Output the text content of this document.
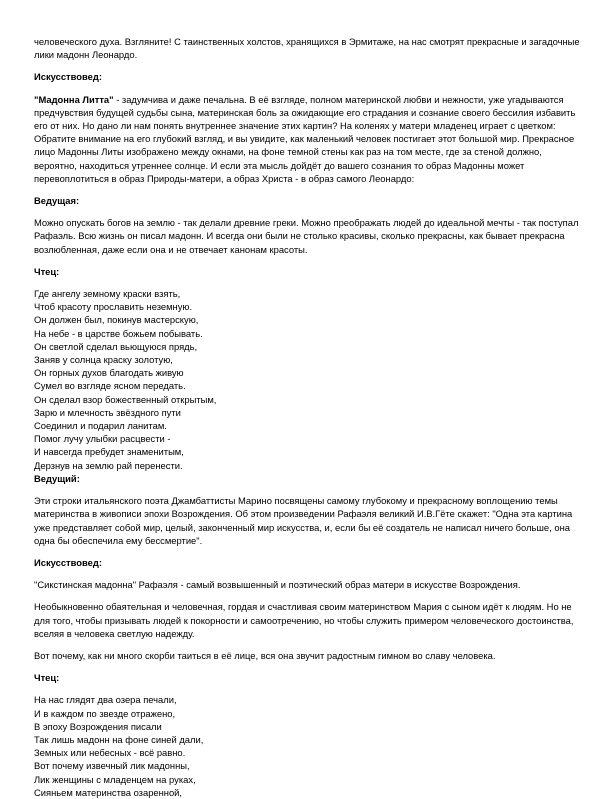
человеческого духа. Взгляните! С таинственных холстов, хранящихся в Эрмитаже, на нас смотрят прекрасные и загадочные лики мадонн Леонардо.

Искусствовед:

"Мадонна Литта" - задумчива и даже печальна. В её взгляде, полном материнской любви и нежности, уже угадываются предчувствия будущей судьбы сына, материнская боль за ожидающие его страдания и сознание своего бессилия избавить его от них. Но дано ли нам понять внутреннее значение этих картин? На коленях у матери младенец играет с цветком: Обратите внимание на его глубокий взгляд, и вы увидите, как маленький человек постигает этот большой мир. Прекрасное лицо Мадонны Литы изображено между окнами, на фоне темной стены как раз на том месте, где за стеной должно, вероятно, находиться утреннее солнце. И если эта мысль дойдёт до вашего сознания то образ Мадонны может перевоплотиться в образ Природы-матери, а образ Христа - в образ самого Леонардо:

Ведущая:

Можно опускать богов на землю - так делали древние греки. Можно преображать людей до идеальной мечты - так поступал Рафаэль. Всю жизнь он писал мадонн. И всегда они были не столько красивы, сколько прекрасны, как бывает прекрасна возлюбленная, даже если она и не отвечает канонам красоты.

Чтец:

Где ангелу земному краски взять,

Чтоб красоту прославить неземную.

Он должен был, покинув мастерскую,

На небе - в царстве божьем побывать.

Он светлой сделал вьющуюся прядь,

Заняв у солнца краску золотую,

Он горных духов благодать живую

Сумел во взгляде ясном передать.

Он сделал взор божественный открытым,

Зарю и млечность звёздного пути

Соединил и подарил ланитам.

Помог лучу улыбки расцвести -

И навсегда пребудет знаменитым,

Дерзнув на землю рай перенести.

Ведущий:

Эти строки итальянского поэта Джамбаттисты Марино посвящены самому глубокому и прекрасному воплощению темы материнства в живописи эпохи Возрождения. Об этом произведении Рафаэля великий И.В.Гёте скажет: "Одна эта картина уже представляет собой мир, целый, законченный мир искусства, и, если бы её создатель не написал ничего больше, она одна бы обеспечила ему бессмертие".

Искусствовед:

"Сикстинская мадонна" Рафаэля - самый возвышенный и поэтический образ матери в искусстве Возрождения.

Необыкновенно обаятельная и человечная, гордая и счастливая своим материнством Мария с сыном идёт к людям. Но не для того, чтобы призывать людей к покорности и самоотречению, но чтобы служить примером человеческого достоинства, вселяя в человека светлую надежду.

Вот почему, как ни много скорби таиться в её лице, вся она звучит радостным гимном во славу человека.

Чтец:

На нас глядят два озера печали,

И в каждом по звезде отражено,

В эпоху Возрождения писали

Так лишь мадонн на фоне синей дали,

Земных или небесных - всё равно.

Вот почему извечный лик мадонны,

Лик женщины с младенцем на руках,

Сияньем материнства озаренной,
